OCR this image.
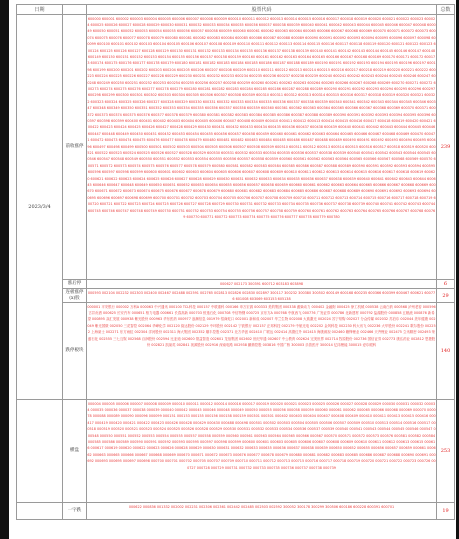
日期		股票代码	总数
2023/3/4	前收涨停	600000 600001 600002 600003 600004 600005 600006 600007 600008 600009 600010 600011 600012 600013 600014 600015 600016 600017 600018 600019 600020 600021 600022 600023 600024 600025 600026 600027 600028 600029 600030 600031 600032 600033 600034 600035 600036 600037 600038 600039 600040 600041 600042 600043 600044 600045 600046 600047 600048 600049 600050 600051 600052 600053 600054 600055 600056 600057 600058 600059 600060 600061 600062 600063 600064 600065 600066 600067 600068 600069 600070 600071 600072 600073 600074 600075 600076 600077 600078 600079 600080 600081 600082 600083 600084 600085 600086 600087 600088 600089 600090 600091 600092 600093 600094 600095 600096 600097 600098 600099 600100 600101 600102 600103 600104 600105 600106 600107 600108 600109 600110 600111 600112 600113 600114 600115 600116 600117 600118 600119 600120 600121 600122 600123 600124 600125 600126 600127 600128 600129 600130 600131 600132 600133 600134 600135 600136 600137 600138 600139 600140 600141 600142 600143 600144 600145 600146 600147 600148 600149 600150 600151 600152 600153 600154 600155 600156 600157 600158 600159 600160 600161 600162 600163 600164 600165 600166 600167 600168 600169 600170 600171 600172 600173 600174 600175 600176 600177 600178 600179 600180 600181 600182 600183 600184 600185 600186 600187 600188 600189 600190 600191 600192 600193 600194 600195 600196 600197 600198 600199 600200 600201 600202 600203 600204 600205 600206 600207 600208 600209 600210 600211 600212 600213 600214 600215 600216 600217 600218 600219 600220 600221 600222 600223 600224 600225 600226 600227 600228 600229 600230 600231 600232 600233 600234 600235 600236 600237 600238 600239 600240 600241 600242 600243 600244 600245 600246 600247 600248 600249 600250 600251 600252 600253 600254 600255 600256 600257 600258 600259 600260 600261 600262 600263 600264 600265 600266 600267 600268 600269 600270 600271 600272 600273 600274 600275 600276 600277 600278 600279 600280 600281 600282 600283 600284 600285 600286 600287 600288 600289 600290 600291 600292 600293 600294 600295 600296 600297 600298 600299 600300 600301 600302 600303 600304 600305 600306 600307 600308 600309 600310 600311 600312 600313 600314 600315 600316 600317 600318 600319 600320 600321 600322 600323 600324 600325 600326 600327 600328 600329 600330 600331 600332 600333 600334 600335 600336 600337 600338 600339 600340 600341 600342 600343 600344 600345 600346 600347 600348 600349 600350 600351 600352 600353 600354 600355 600356 600357 600358 600359 600360 600361 600362 600363 600364 600365 600366 600367 600368 600369 600370 600371 600372 600373 600374 600375 600376 600377 600378 600379 600380 600381 600382 600383 600384 600385 600386 600387 600388 600389 600390 600391 600392 600393 600394 600395 600396 600397 600398 600399 600400 600401 600402 600403 600404 600405 600406 600407 600408 600409 600410 600411 600412 600413 600414 600415 600416 600417 600418 600419 600420 600421 600422 600423 600424 600425 600426 600427 600428 600429 600430 600431 600432 600433 600434 600435 600436 600437 600438 600439 600440 600441 600442 600443 600444 600445 600446 600447 600448 600449 600450 600451 600452 600453 600454 600455 600456 600457 600458 600459 600460 600461 600462 600463 600464 600465 600466 600467 600468 600469 600470 600471 600472 600473 600474 600475 600476 600477 600478 600479 600480 600481 600482 600483 600484 600485 600486 600487 600488 600489 600490 600491 600492 600493 600494 600495 600496 600497 600498 600499 600500 600501 600502 600503 600504 600505 600506 600507 600508 600509 600510 600511 600512 600513 600514 600515 600516 600517 600518 600519 600520 600521 600522 600523 600524 600525 600526 600527 600528 600529 600530 600531 600532 600533 600534 600535 600536 600537 600538 600539 600540 600541 600542 600543 600544 600545 600546 600547 600548 600549 600550 600551 600552 600553 600554 600555 600556 600557 600558 600559 600560 600561 600562 600563 600564 600565 600566 600567 600568 600569 600570 600571 600572 600573 600574 600575 600576 600577 600578 600579 600580 600581 600582 600583 600584 600585 600586 600587 600588 600589 600590 600591 600592 600593 600594 600595 600596 600597 600598 600599 600600 600601 600602 600603 600604 600605 600606 600607 600608 600609 600610 600611 600612 600613 600614 600615 600616 600617 600618 600619 600620 600621 600622 600623 600624 600625 600626 600627 600628 600629 600630 600631 600632 600633 600634 600635 600636 600637 600638 600639 600640 600641 600642 600643 600644 600645 600646 600647 600648 600649 600650 600651 600652 600653 600654 600655 600656 600657 600658 600659 600660 600661 600662 600663 600664 600665 600666 600667 600668 600669 600670 600671 600672 600673 600674 600675 600676 600677 600678 600679 600680 600681 600682 600683 600684 600685 600686 600687 600688 600689 600690 600691 600692 600693 600694 600695 600696 600697 600698 600699 600700 600701 600702 600703 600704 600705 600706 600707 600708 600709 600710 600711 600712 600713 600714 600715 600716 600717 600718 600719 600720 600721 600722 600723 600724 600725 600726 600727 600728 600729 600730 600731 600732 600733 600734 600735 600736 600737 600738 600739 600740 600741 600742 600743 600744 600745 600746 600747 600748 600749 600750 600751 600752 600753 600754 600755 600756 600757 600758 600759 600760 600761 600762 600763 600764 600765 600766 600767 600768 600769 600770 600771 600772 600773 600774 600775 600776 600777 600778 600779 600780	239
	涨后停	000627 002173 300391 600712 603183 603898	6
	连板涨停(x)股	000593 002104 002232 002303 002400 002467 002488 002591 002765 002813 002826 002830 002897 300117 300232 300380 300502 600149 600168 600235 600366 600399 600467 600621 600776 601008 603069 603153 605138	29
	跌停板块	000001 平安银行 000002 万科A 000063 中兴通讯 000100 TCL科技 000157 中联重科 000166 申万宏源 000333 美的集团 000338 潍柴动力 000402 金融街 000425 徐工机械 000538 云南白药 000568 泸州老窖 000596 古井贡酒 000625 长安汽车 000651 格力电器 000661 长春高新 000703 恒逸石化 000708 中信特钢 000725 京东方A 000768 中航西飞 000776 广发证券 000786 北新建材 000792 盐湖股份 000858 五粮液 000876 新希望 000895 双汇发展 000938 紫光股份 000963 华东医药 000977 浪潮信息 001979 招商蛇口 002001 新和成 002007 华兰生物 002008 大族激光 002024 苏宁易购 002027 分众传媒 002032 苏泊尔 002044 美年健康 002049 紫光国微 002050 三花智控 002064 华峰化学 002120 韵达股份 002129 中环股份 002142 宁波银行 002157 正邦科技 002179 中航光电 002202 金风科技 002230 科大讯飞 002236 大华股份 002241 歌尔股份 002252 上海莱士 002271 东方雨虹 002304 洋河股份 002311 海大集团 002352 顺丰控股 002371 北方华创 002410 广联达 002414 高德红外 002415 海康威视 002460 赣锋锂业 002466 天齐锂业 002475 立讯精密 002493 荣盛石化 002555 三七互娱 002568 百润股份 002594 比亚迪 002600 领益智造 002601 龙佰集团 002602 世纪华通 002607 中公教育 002624 完美世界 002714 牧原股份 002736 国信证券 002773 康弘药业 002812 恩捷股份 002821 凯莱英 002841 视源股份 002916 深南电路 002938 鹏鼎控股 003816 中国广核 300003 乐普医疗 300014 亿纬锂能 300015 爱尔眼科	140
	横盘	000004 000005 000006 000007 000008 000009 000010 000011 000012 000014 000016 000017 000019 000020 000021 000023 000025 000026 000027 000028 000029 000030 000031 000032 000034 000035 000036 000037 000038 000039 000040 000042 000045 000046 000048 000049 000050 000055 000056 000058 000059 000060 000061 000062 000065 000066 000068 000069 000070 000078 000088 000089 000090 000096 000099 000151 000153 000155 000156 000158 000159 000301 000301 000402 000403 000404 000407 000408 000409 000410 000411 000413 000415 000416 000417 000419 000420 000421 000422 000423 000426 000428 000429 000430 000488 000498 000501 000502 000503 000504 000505 000506 000507 000509 000510 000513 000514 000516 000517 000518 000519 000520 000521 000523 000524 000525 000526 000528 000529 000530 000531 000532 000533 000534 000536 000537 000539 000540 000541 000543 000544 000545 000546 000547 000548 000550 000551 000552 000553 000554 000555 000557 000558 000559 000560 000561 000563 000564 000565 000566 000567 000570 000571 000572 000573 000576 000581 000582 000584 000585 000586 000589 000590 000591 000592 000593 000595 000597 000598 000599 000600 000601 000603 000605 000606 000607 000608 000609 000610 000611 000612 000613 000615 000616 000617 000619 000620 000622 000623 000626 000628 000629 000630 000631 000632 000633 000635 000636 000637 000638 000639 000650 000652 000655 000656 000657 000659 000661 000662 000663 000665 000666 000667 000668 000669 000670 000671 000672 000673 000676 000677 000678 000679 000680 000681 000682 000683 000685 000686 000687 000688 000690 000691 000692 000693 000695 000697 000698 000700 000701 000702 000705 000707 000709 000710 000711 000712 000713 000715 000716 000717 000718 000719 000720 000721 000722 000723 000726 000727 000728 000729 000731 000732 000733 000735 000736 000737 000738 000739	253
	一字跌	000622 000836 001332 002002 002231 002306 002361 002442 002485 002503 002592 300052 300178 300299 300506 600186 600228 600391 600701	19
